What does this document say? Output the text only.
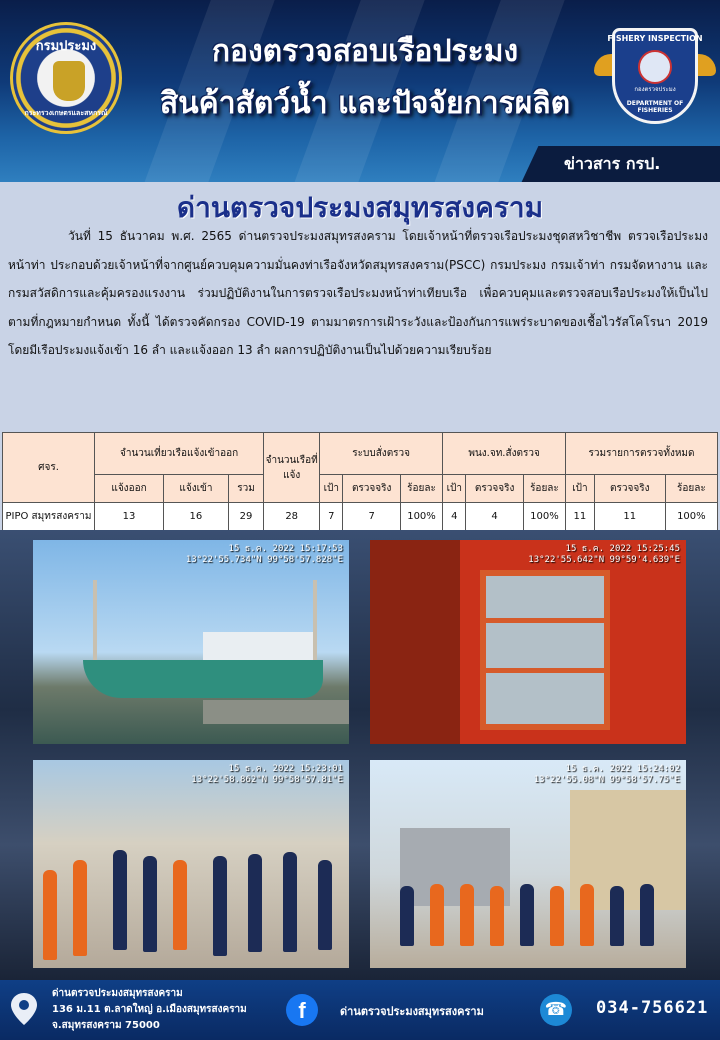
กรมประมง
กระทรวงเกษตรและสหกรณ์
กองตรวจสอบเรือประมง
สินค้าสัตว์น้ำ และปัจจัยการผลิต
FISHERY INSPECTION
กองตรวจประมง
DEPARTMENT OF FISHERIES
ข่าวสาร กรป.
ด่านตรวจประมงสมุทรสงคราม
วันที่ 15 ธันวาคม พ.ศ. 2565 ด่านตรวจประมงสมุทรสงคราม โดยเจ้าหน้าที่ตรวจเรือประมงชุดสหวิชาชีพ ตรวจเรือประมงหน้าท่า ประกอบด้วยเจ้าหน้าที่จากศูนย์ควบคุมความมั่นคงท่าเรือจังหวัดสมุทรสงคราม(PSCC) กรมประมง กรมเจ้าท่า กรมจัดหางาน และกรมสวัสดิการและคุ้มครองแรงงาน ร่วมปฏิบัติงานในการตรวจเรือประมงหน้าท่าเทียบเรือ เพื่อควบคุมและตรวจสอบเรือประมงให้เป็นไปตามที่กฎหมายกำหนด ทั้งนี้ ได้ตรวจคัดกรอง COVID-19 ตามมาตรการเฝ้าระวังและป้องกันการแพร่ระบาดของเชื้อไวรัสโคโรนา 2019 โดยมีเรือประมงแจ้งเข้า 16 ลำ และแจ้งออก 13 ลำ ผลการปฏิบัติงานเป็นไปด้วยความเรียบร้อย
ศจร.	จำนวนเที่ยวเรือแจ้งเข้าออก			จำนวนเรือที่แจ้ง	ระบบสั่งตรวจ			พนง.จท.สั่งตรวจ			รวมรายการตรวจทั้งหมด		
	แจ้งออก	แจ้งเข้า	รวม		เป้า	ตรวจจริง	ร้อยละ	เป้า	ตรวจจริง	ร้อยละ	เป้า	ตรวจจริง	ร้อยละ
PIPO สมุทรสงคราม	13	16	29	28	7	7	100%	4	4	100%	11	11	100%
15 ธ.ค. 2022 15:17:53
13°22'55.734"N 99°58'57.828"E
15 ธ.ค. 2022 15:25:45
13°22'55.642"N 99°59'4.639"E
15 ธ.ค. 2022 15:23:01
13°22'58.862"N 99°58'57.81"E
15 ธ.ค. 2022 15:24:02
13°22'55.08"N 99°58'57.75"E
ด่านตรวจประมงสมุทรสงคราม
136 ม.11 ต.ลาดใหญ่ อ.เมืองสมุทรสงคราม
จ.สมุทรสงคราม 75000
f	ด่านตรวจประมงสมุทรสงคราม	☎ 034-756621
